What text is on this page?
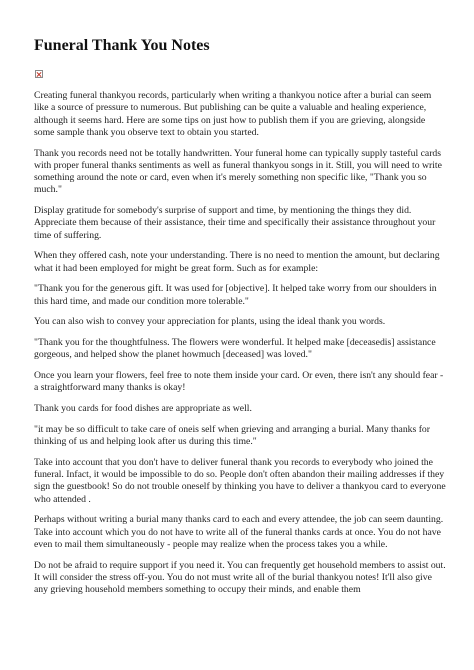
Funeral Thank You Notes

Creating funeral thankyou records, particularly when writing a thankyou notice after a burial can seem like a source of pressure to numerous. But publishing can be quite a valuable and healing experience, although it seems hard. Here are some tips on just how to publish them if you are grieving, alongside some sample thank you observe text to obtain you started.

Thank you records need not be totally handwritten. Your funeral home can typically supply tasteful cards with proper funeral thanks sentiments as well as funeral thankyou songs in it. Still, you will need to write something around the note or card, even when it's merely something non specific like, "Thank you so much."

Display gratitude for somebody's surprise of support and time, by mentioning the things they did. Appreciate them because of their assistance, their time and specifically their assistance throughout your time of suffering.

When they offered cash, note your understanding. There is no need to mention the amount, but declaring what it had been employed for might be great form. Such as for example:

"Thank you for the generous gift. It was used for [objective]. It helped take worry from our shoulders in this hard time, and made our condition more tolerable."

You can also wish to convey your appreciation for plants, using the ideal thank you words.

"Thank you for the thoughtfulness. The flowers were wonderful. It helped make [deceasedis] assistance gorgeous, and helped show the planet howmuch [deceased] was loved."

Once you learn your flowers, feel free to note them inside your card. Or even, there isn't any should fear - a straightforward many thanks is okay!

Thank you cards for food dishes are appropriate as well.

"it may be so difficult to take care of oneis self when grieving and arranging a burial. Many thanks for thinking of us and helping look after us during this time."

Take into account that you don't have to deliver funeral thank you records to everybody who joined the funeral. Infact, it would be impossible to do so. People don't often abandon their mailing addresses if they sign the guestbook! So do not trouble oneself by thinking you have to deliver a thankyou card to everyone who attended .

Perhaps without writing a burial many thanks card to each and every attendee, the job can seem daunting. Take into account which you do not have to write all of the funeral thanks cards at once. You do not have even to mail them simultaneously - people may realize when the process takes you a while.

Do not be afraid to require support if you need it. You can frequently get household members to assist out. It will consider the stress off-you. You do not must write all of the burial thankyou notes! It'll also give any grieving household members something to occupy their minds, and enable them
